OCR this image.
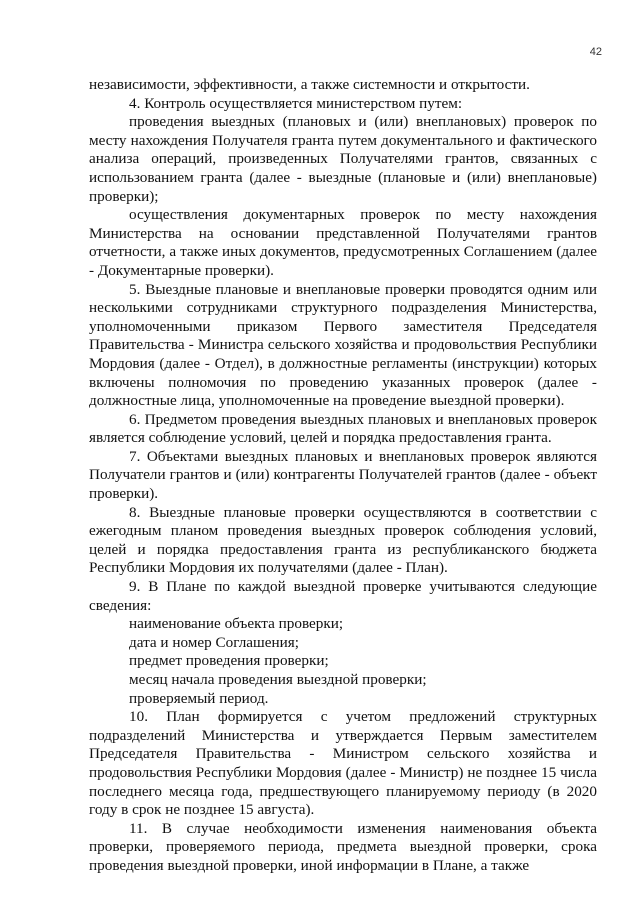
42

независимости, эффективности, а также системности и открытости.

4. Контроль осуществляется министерством путем:

проведения выездных (плановых и (или) внеплановых) проверок по месту нахождения Получателя гранта путем документального и фактического анализа операций, произведенных Получателями грантов, связанных с использованием гранта (далее - выездные (плановые и (или) внеплановые) проверки);

осуществления документарных проверок по месту нахождения Министерства на основании представленной Получателями грантов отчетности, а также иных документов, предусмотренных Соглашением (далее - Документарные проверки).

5. Выездные плановые и внеплановые проверки проводятся одним или несколькими сотрудниками структурного подразделения Министерства, уполномоченными приказом Первого заместителя Председателя Правительства - Министра сельского хозяйства и продовольствия Республики Мордовия (далее - Отдел), в должностные регламенты (инструкции) которых включены полномочия по проведению указанных проверок (далее - должностные лица, уполномоченные на проведение выездной проверки).

6. Предметом проведения выездных плановых и внеплановых проверок является соблюдение условий, целей и порядка предоставления гранта.

7. Объектами выездных плановых и внеплановых проверок являются Получатели грантов и (или) контрагенты Получателей грантов (далее - объект проверки).

8. Выездные плановые проверки осуществляются в соответствии с ежегодным планом проведения выездных проверок соблюдения условий, целей и порядка предоставления гранта из республиканского бюджета Республики Мордовия их получателями (далее - План).

9. В Плане по каждой выездной проверке учитываются следующие сведения:

наименование объекта проверки;

дата и номер Соглашения;

предмет проведения проверки;

месяц начала проведения выездной проверки;

проверяемый период.

10. План формируется с учетом предложений структурных подразделений Министерства и утверждается Первым заместителем Председателя Правительства - Министром сельского хозяйства и продовольствия Республики Мордовия (далее - Министр) не позднее 15 числа последнего месяца года, предшествующего планируемому периоду (в 2020 году в срок не позднее 15 августа).

11. В случае необходимости изменения наименования объекта проверки, проверяемого периода, предмета выездной проверки, срока проведения выездной проверки, иной информации в Плане, а также
